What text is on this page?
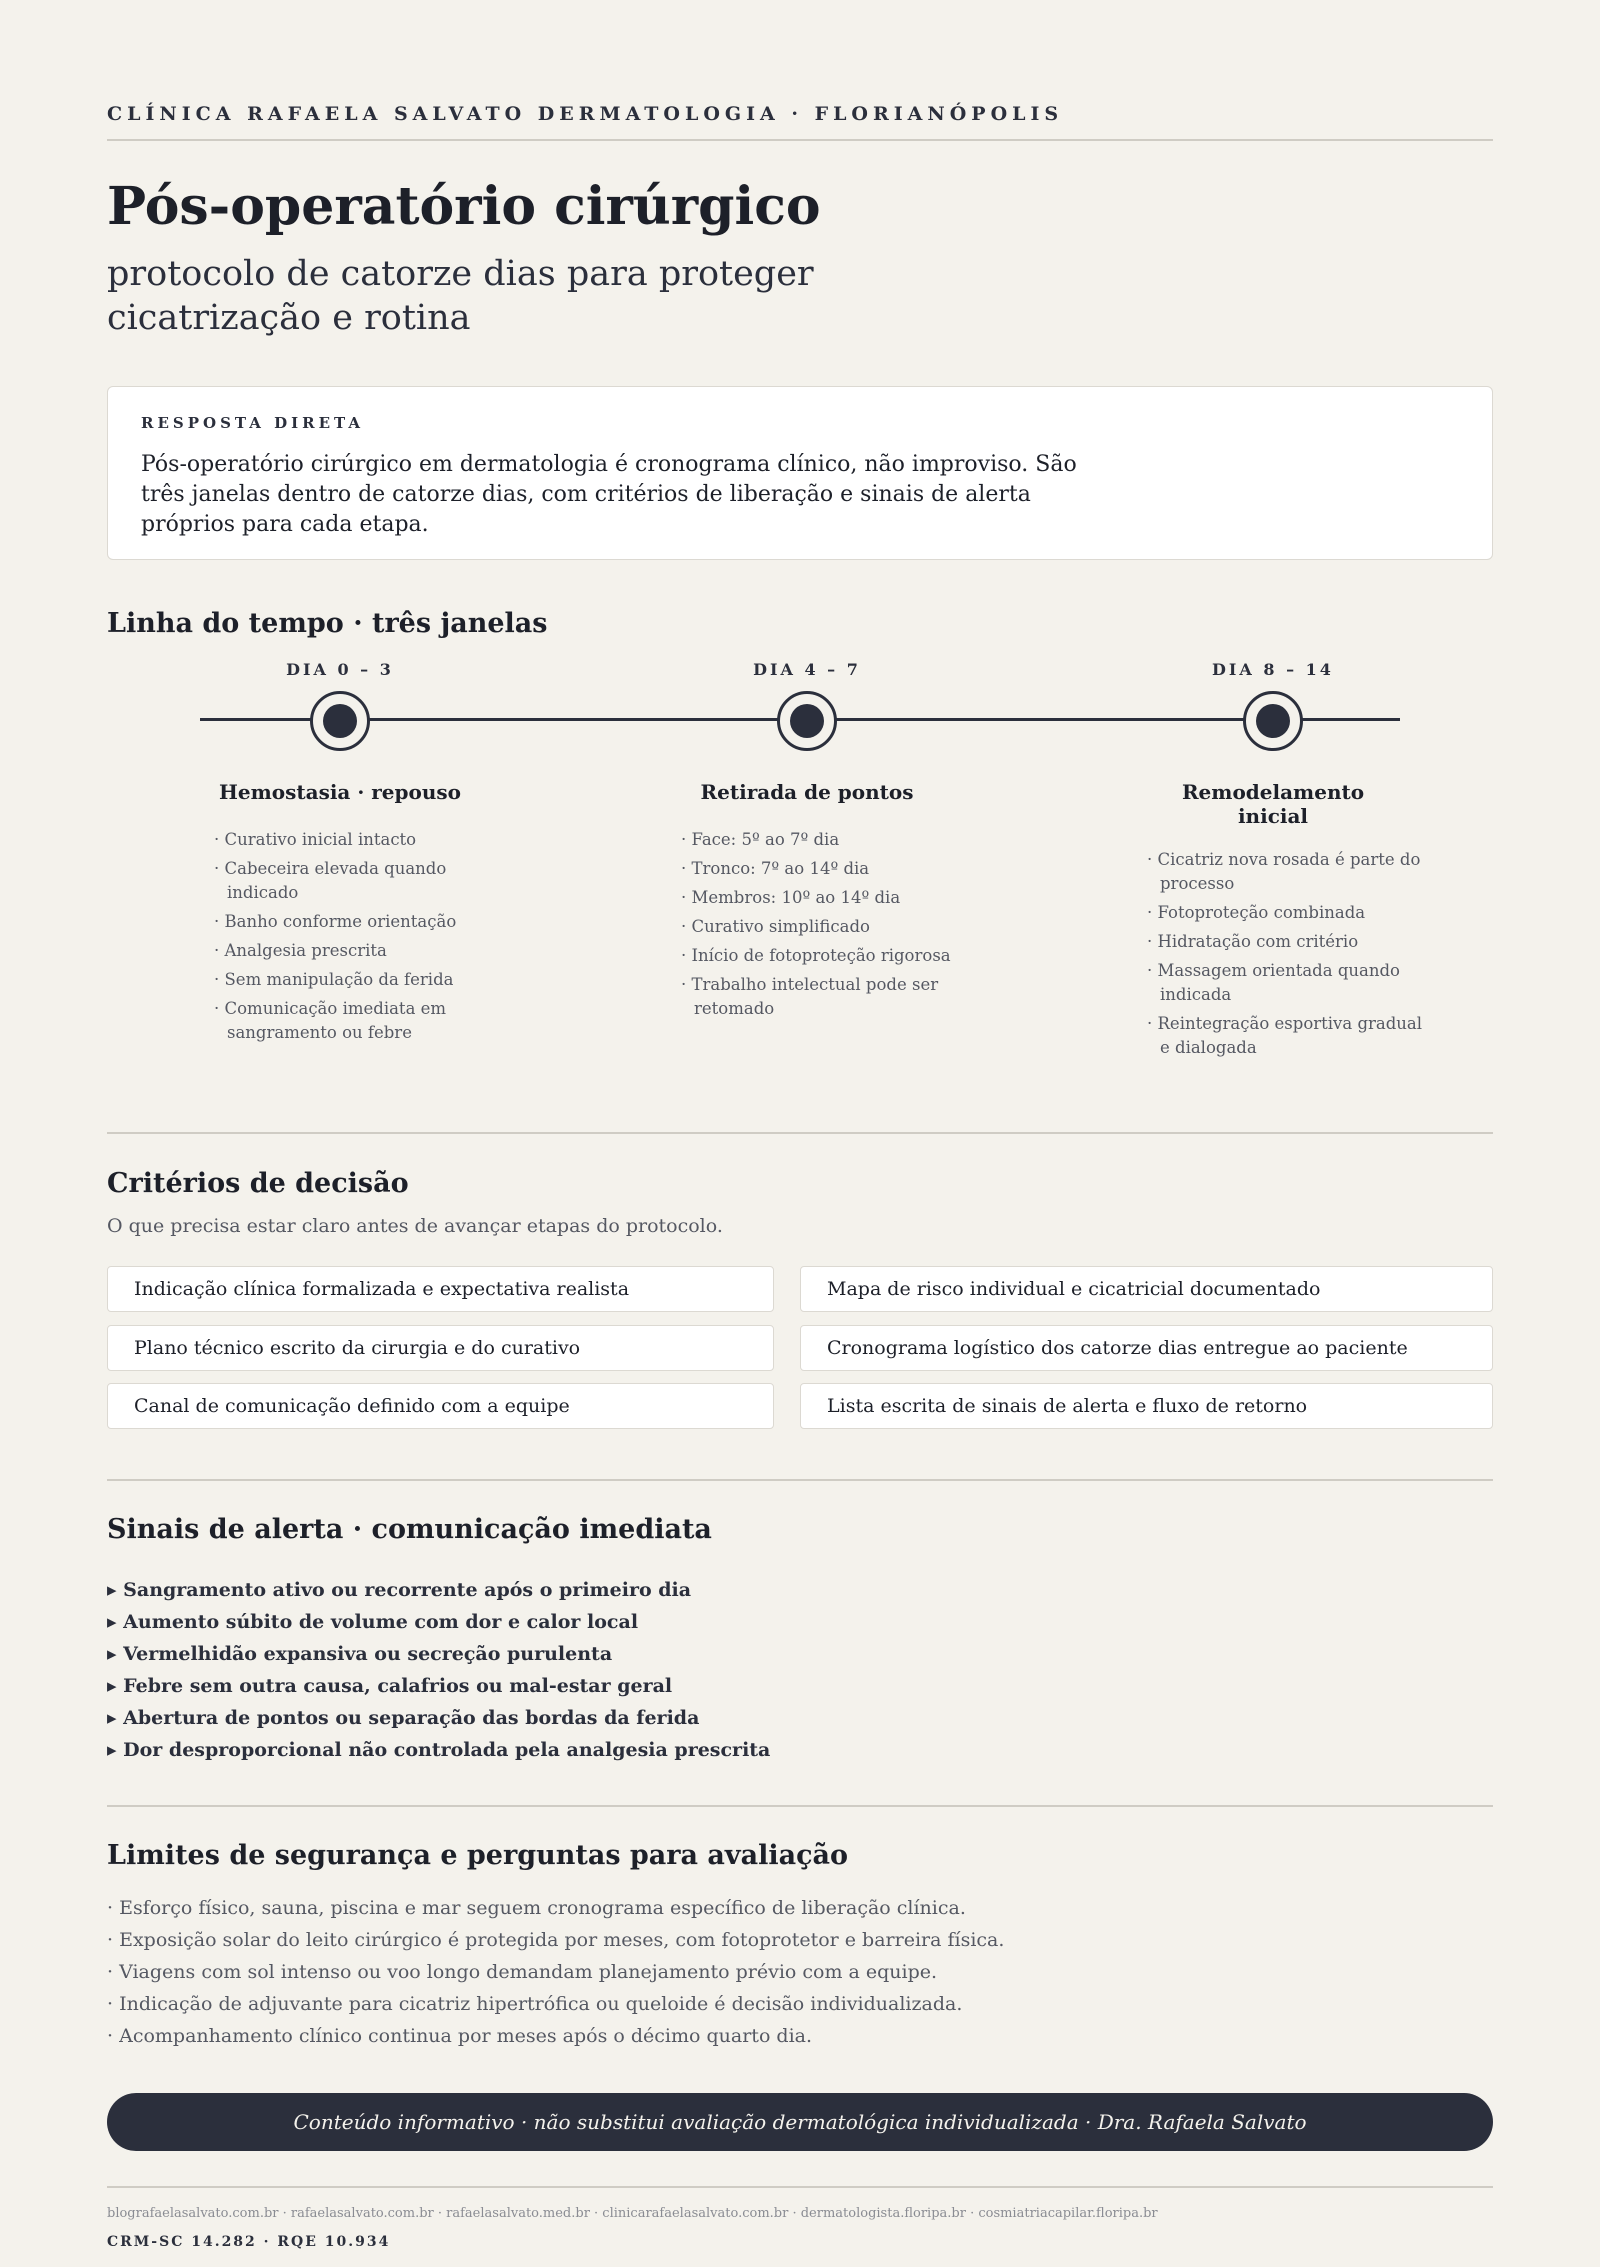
CLÍNICA RAFAELA SALVATO DERMATOLOGIA · FLORIANÓPOLIS
Pós-operatório cirúrgico
protocolo de catorze dias para proteger cicatrização e rotina
RESPOSTA DIRETA

Pós-operatório cirúrgico em dermatologia é cronograma clínico, não improviso. São três janelas dentro de catorze dias, com critérios de liberação e sinais de alerta próprios para cada etapa.

Linha do tempo · três janelas
DIA 0 – 3
Hemostasia · repouso
· Curativo inicial intacto
· Cabeceira elevada quando indicado
· Banho conforme orientação
· Analgesia prescrita
· Sem manipulação da ferida
· Comunicação imediata em sangramento ou febre
DIA 4 – 7
Retirada de pontos
· Face: 5º ao 7º dia
· Tronco: 7º ao 14º dia
· Membros: 10º ao 14º dia
· Curativo simplificado
· Início de fotoproteção rigorosa
· Trabalho intelectual pode ser retomado
DIA 8 – 14
Remodelamento inicial
· Cicatriz nova rosada é parte do processo
· Fotoproteção combinada
· Hidratação com critério
· Massagem orientada quando indicada
· Reintegração esportiva gradual e dialogada
Critérios de decisão
O que precisa estar claro antes de avançar etapas do protocolo.
Indicação clínica formalizada e expectativa realista
Plano técnico escrito da cirurgia e do curativo
Canal de comunicação definido com a equipe
Mapa de risco individual e cicatricial documentado
Cronograma logístico dos catorze dias entregue ao paciente
Lista escrita de sinais de alerta e fluxo de retorno
Sinais de alerta · comunicação imediata
▸ Sangramento ativo ou recorrente após o primeiro dia
▸ Aumento súbito de volume com dor e calor local
▸ Vermelhidão expansiva ou secreção purulenta
▸ Febre sem outra causa, calafrios ou mal-estar geral
▸ Abertura de pontos ou separação das bordas da ferida
▸ Dor desproporcional não controlada pela analgesia prescrita
Limites de segurança e perguntas para avaliação
· Esforço físico, sauna, piscina e mar seguem cronograma específico de liberação clínica.
· Exposição solar do leito cirúrgico é protegida por meses, com fotoprotetor e barreira física.
· Viagens com sol intenso ou voo longo demandam planejamento prévio com a equipe.
· Indicação de adjuvante para cicatriz hipertrófica ou queloide é decisão individualizada.
· Acompanhamento clínico continua por meses após o décimo quarto dia.
Conteúdo informativo · não substitui avaliação dermatológica individualizada · Dra. Rafaela Salvato
blografaelasalvato.com.br · rafaelasalvato.com.br · rafaelasalvato.med.br · clinicarafaelasalvato.com.br · dermatologista.floripa.br · cosmiatriacapilar.floripa.br
CRM-SC 14.282 · RQE 10.934
